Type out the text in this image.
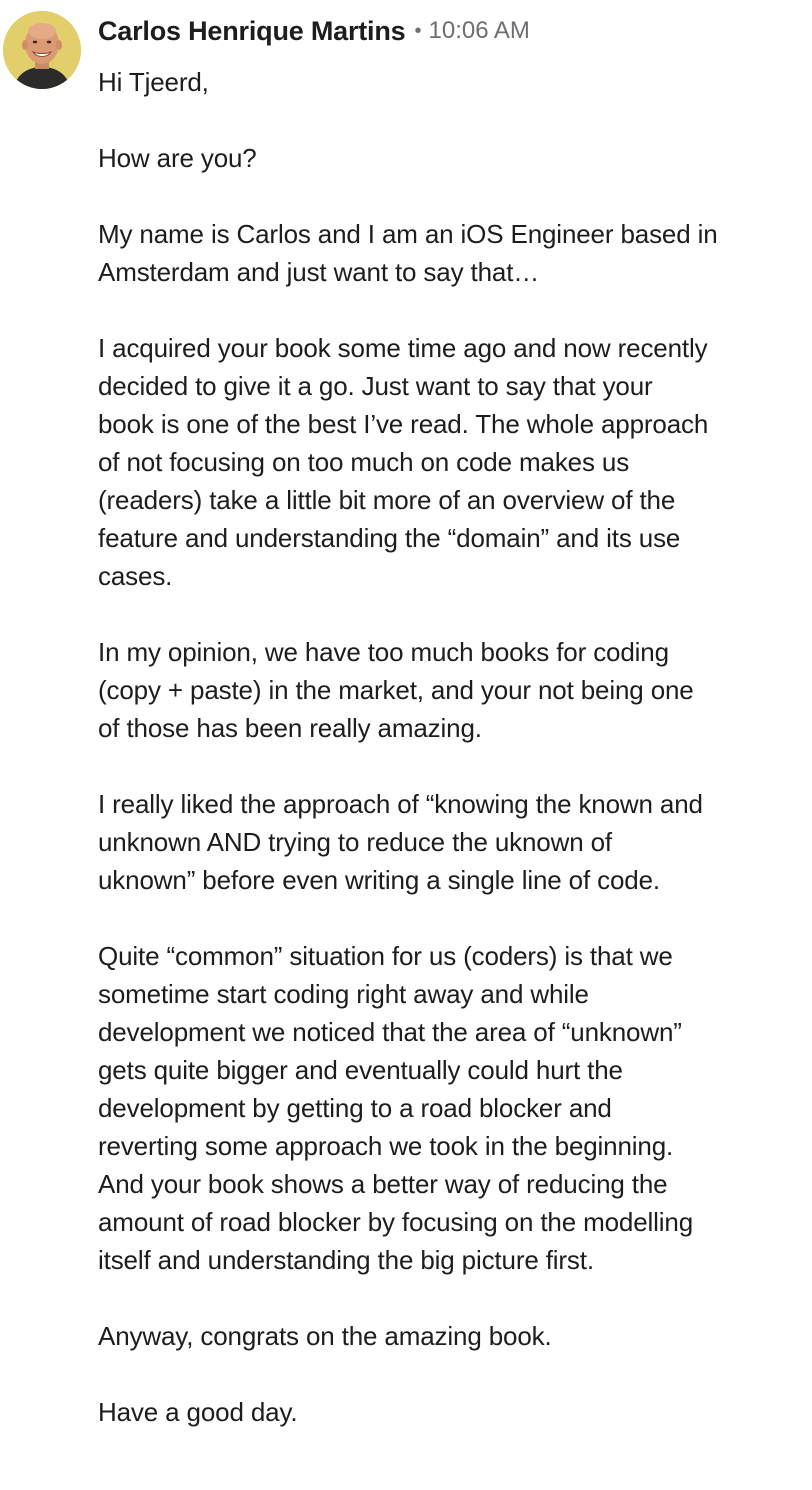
Carlos Henrique Martins • 10:06 AM

Hi Tjeerd,

How are you?

My name is Carlos and I am an iOS Engineer based in
Amsterdam and just want to say that…

I acquired your book some time ago and now recently
decided to give it a go. Just want to say that your
book is one of the best I’ve read. The whole approach
of not focusing on too much on code makes us
(readers) take a little bit more of an overview of the
feature and understanding the “domain” and its use
cases.

In my opinion, we have too much books for coding
(copy + paste) in the market, and your not being one
of those has been really amazing.

I really liked the approach of “knowing the known and
unknown AND trying to reduce the uknown of
uknown” before even writing a single line of code.

Quite “common” situation for us (coders) is that we
sometime start coding right away and while
development we noticed that the area of “unknown”
gets quite bigger and eventually could hurt the
development by getting to a road blocker and
reverting some approach we took in the beginning.
And your book shows a better way of reducing the
amount of road blocker by focusing on the modelling
itself and understanding the big picture first.

Anyway, congrats on the amazing book.

Have a good day.
